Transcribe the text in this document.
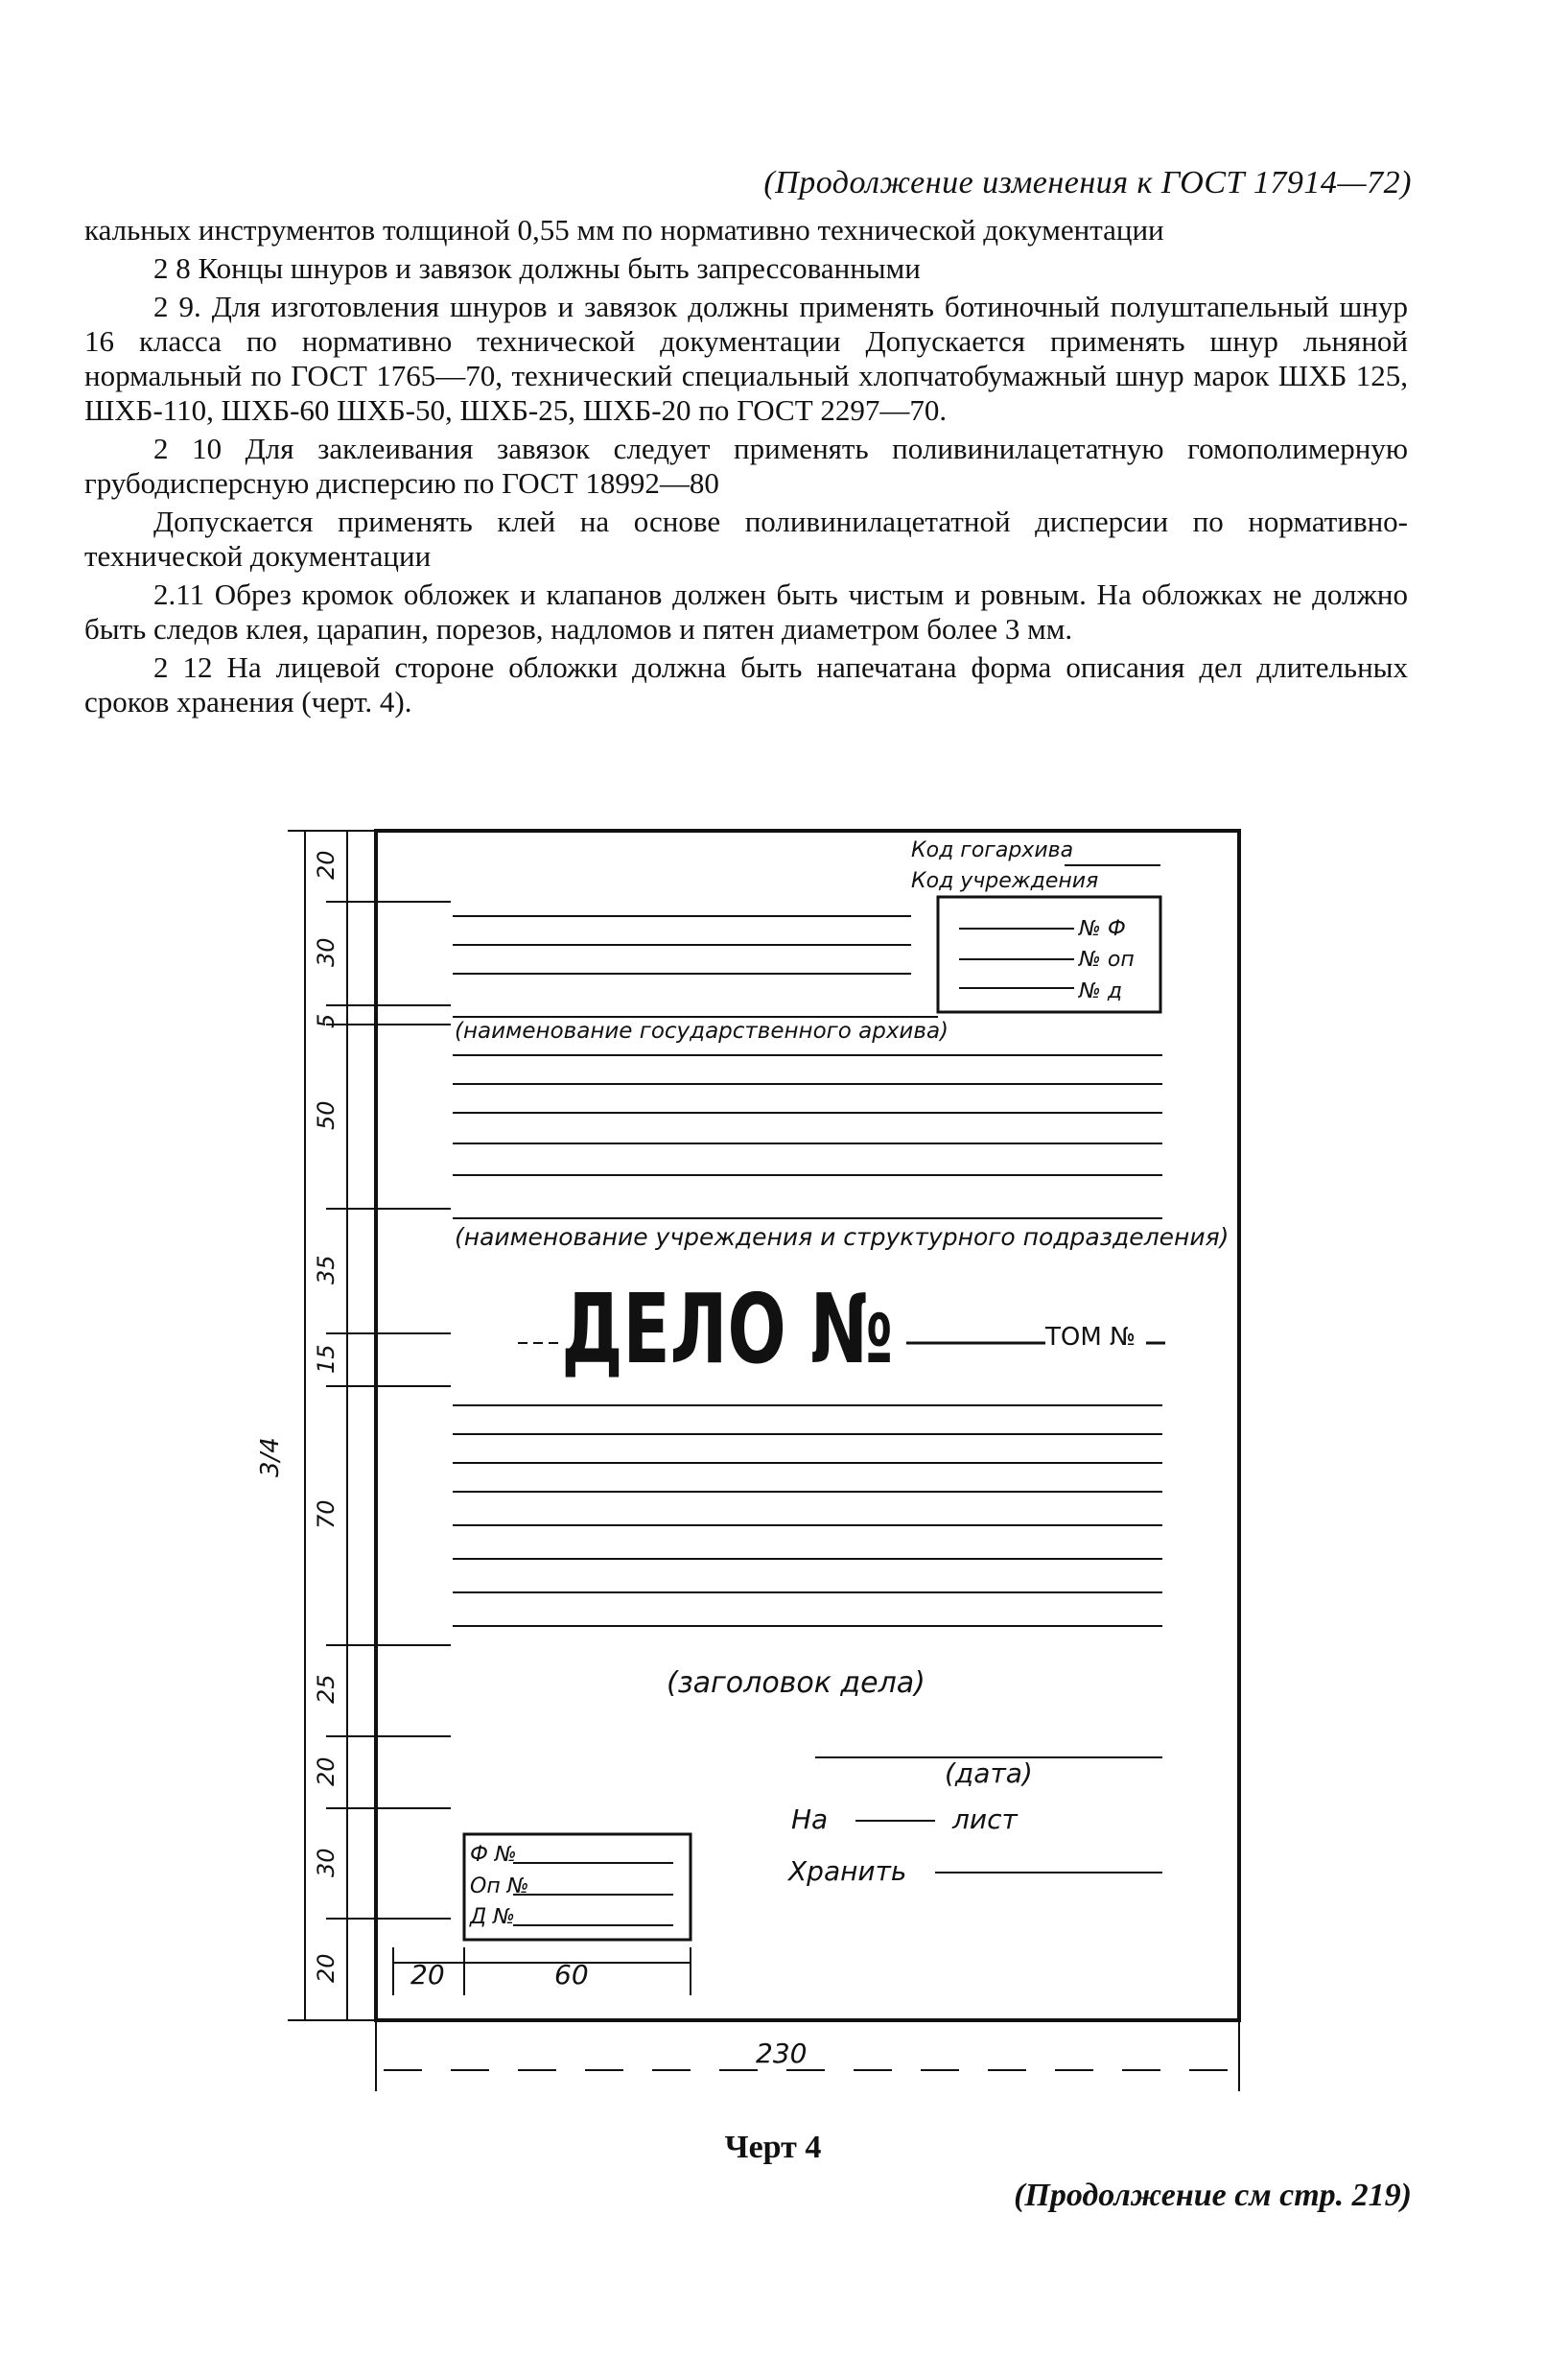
(Продолжение изменения к ГОСТ 17914—72)

кальных инструментов толщиной 0,55 мм по нормативно технической документации

2 8 Концы шнуров и завязок должны быть запрессованными

2 9. Для изготовления шнуров и завязок должны применять ботиночный полуштапельный шнур 16 класса по нормативно технической документации Допускается применять шнур льняной нормальный по ГОСТ 1765—70, технический специальный хлопчатобумажный шнур марок ШХБ 125, ШХБ-110, ШХБ-60 ШХБ-50, ШХБ-25, ШХБ-20 по ГОСТ 2297—70.

2 10 Для заклеивания завязок следует применять поливинилацетатную гомополимерную грубодисперсную дисперсию по ГОСТ 18992—80

Допускается применять клей на основе поливинилацетатной дисперсии по нормативно-технической документации

2.11 Обрез кромок обложек и клапанов должен быть чистым и ровным. На обложках не должно быть следов клея, царапин, порезов, надломов и пятен диаметром более 3 мм.

2 12 На лицевой стороне обложки должна быть напечатана форма описания дел длительных сроков хранения (черт. 4).

Код гогархива
Код учреждения
№ Ф
№ оп
№ д
(наименование государственного архива)
(наименование учреждения и структурного подразделения)
ДЕЛО №	ТОМ №
(заголовок дела)
(дата)
На	лист
Хранить
Ф №
Оп №
Д №
20	60
230
3/4
20
30
5
50
35
15
70
25
20
30
20
Черт 4
(Продолжение см стр. 219)
